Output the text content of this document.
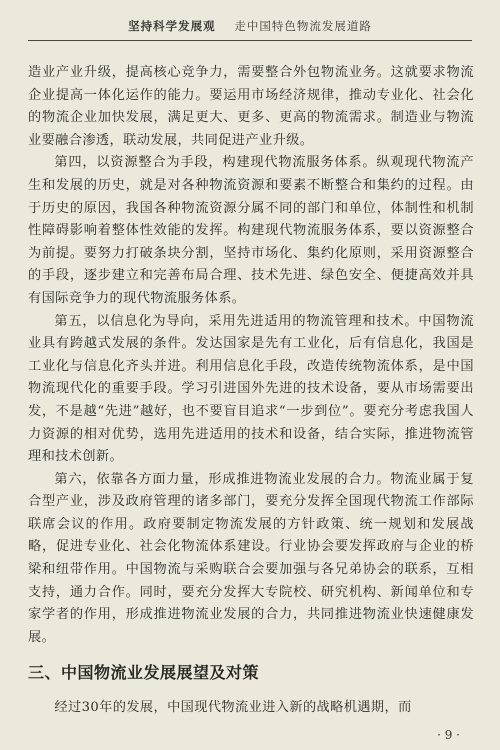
坚持科学发展观 走中国特色物流发展道路

造业产业升级，提高核心竞争力，需要整合外包物流业务。这就要求物流企业提高一体化运作的能力。要运用市场经济规律，推动专业化、社会化的物流企业加快发展，满足更大、更多、更高的物流需求。制造业与物流业要融合渗透，联动发展，共同促进产业升级。

第四，以资源整合为手段，构建现代物流服务体系。纵观现代物流产生和发展的历史，就是对各种物流资源和要素不断整合和集约的过程。由于历史的原因，我国各种物流资源分属不同的部门和单位，体制性和机制性障碍影响着整体性效能的发挥。构建现代物流服务体系，要以资源整合为前提。要努力打破条块分割，坚持市场化、集约化原则，采用资源整合的手段，逐步建立和完善布局合理、技术先进、绿色安全、便捷高效并具有国际竞争力的现代物流服务体系。

第五，以信息化为导向，采用先进适用的物流管理和技术。中国物流业具有跨越式发展的条件。发达国家是先有工业化，后有信息化，我国是工业化与信息化齐头并进。利用信息化手段，改造传统物流体系，是中国物流现代化的重要手段。学习引进国外先进的技术设备，要从市场需要出发，不是越“先进”越好，也不要盲目追求“一步到位”。要充分考虑我国人力资源的相对优势，选用先进适用的技术和设备，结合实际，推进物流管理和技术创新。

第六，依靠各方面力量，形成推进物流业发展的合力。物流业属于复合型产业，涉及政府管理的诸多部门，要充分发挥全国现代物流工作部际联席会议的作用。政府要制定物流发展的方针政策、统一规划和发展战略，促进专业化、社会化物流体系建设。行业协会要发挥政府与企业的桥梁和纽带作用。中国物流与采购联合会要加强与各兄弟协会的联系，互相支持，通力合作。同时，要充分发挥大专院校、研究机构、新闻单位和专家学者的作用，形成推进物流业发展的合力，共同推进物流业快速健康发展。

三、中国物流业发展展望及对策

经过30年的发展，中国现代物流业进入新的战略机遇期，而

· 9 ·
